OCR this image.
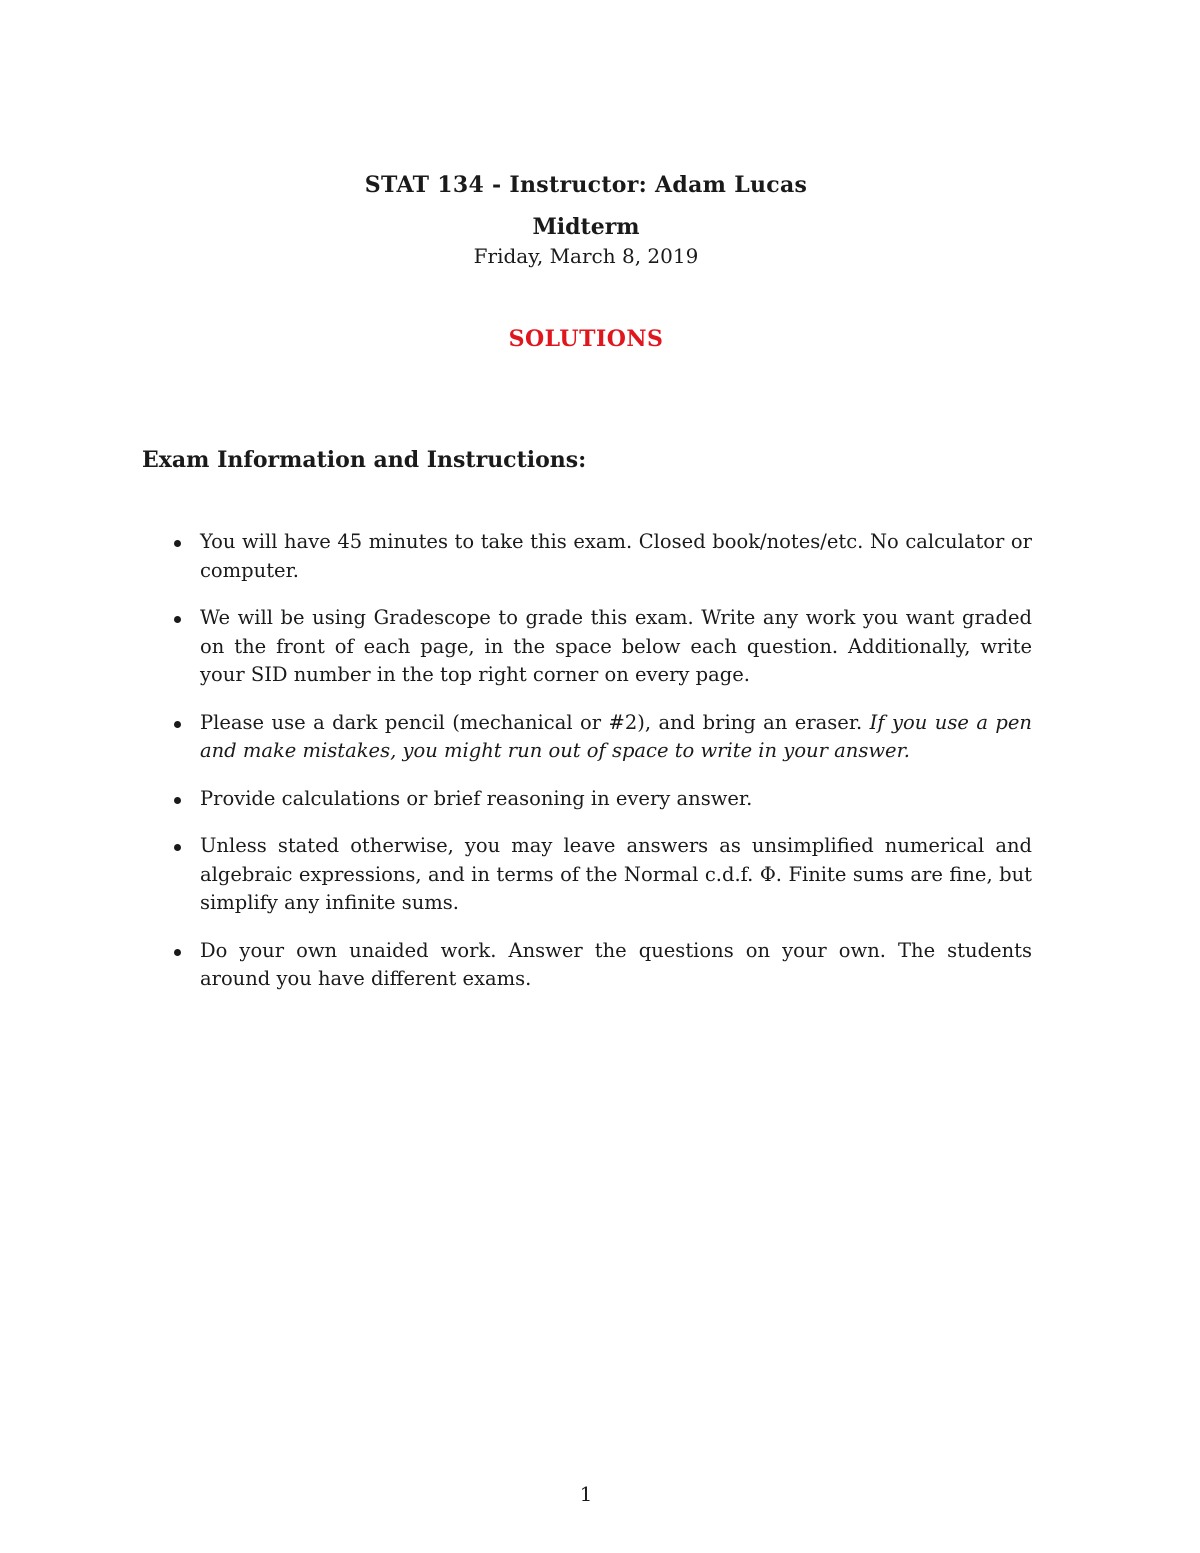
STAT 134 - Instructor: Adam Lucas
Midterm
Friday, March 8, 2019
SOLUTIONS
Exam Information and Instructions:
You will have 45 minutes to take this exam. Closed book/notes/etc. No calculator or computer.
We will be using Gradescope to grade this exam. Write any work you want graded on the front of each page, in the space below each question. Additionally, write your SID number in the top right corner on every page.
Please use a dark pencil (mechanical or #2), and bring an eraser. If you use a pen and make mistakes, you might run out of space to write in your answer.
Provide calculations or brief reasoning in every answer.
Unless stated otherwise, you may leave answers as unsimplified numerical and algebraic expressions, and in terms of the Normal c.d.f. Φ. Finite sums are fine, but simplify any infinite sums.
Do your own unaided work. Answer the questions on your own. The students around you have different exams.
1
